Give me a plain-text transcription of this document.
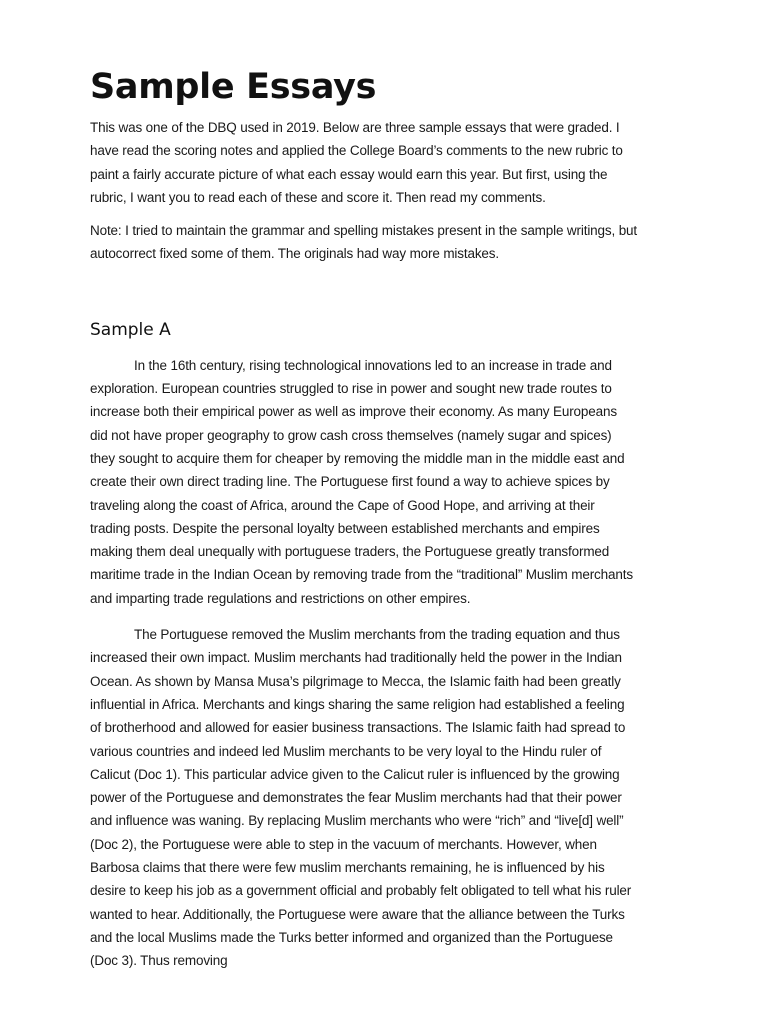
Sample Essays

This was one of the DBQ used in 2019. Below are three sample essays that were graded. I have read the scoring notes and applied the College Board’s comments to the new rubric to paint a fairly accurate picture of what each essay would earn this year. But first, using the rubric, I want you to read each of these and score it. Then read my comments.

Note: I tried to maintain the grammar and spelling mistakes present in the sample writings, but autocorrect fixed some of them. The originals had way more mistakes.

Sample A

In the 16th century, rising technological innovations led to an increase in trade and exploration. European countries struggled to rise in power and sought new trade routes to increase both their empirical power as well as improve their economy. As many Europeans did not have proper geography to grow cash cross themselves (namely sugar and spices) they sought to acquire them for cheaper by removing the middle man in the middle east and create their own direct trading line. The Portuguese first found a way to achieve spices by traveling along the coast of Africa, around the Cape of Good Hope, and arriving at their trading posts. Despite the personal loyalty between established merchants and empires making them deal unequally with portuguese traders, the Portuguese greatly transformed maritime trade in the Indian Ocean by removing trade from the “traditional” Muslim merchants and imparting trade regulations and restrictions on other empires.

The Portuguese removed the Muslim merchants from the trading equation and thus increased their own impact. Muslim merchants had traditionally held the power in the Indian Ocean. As shown by Mansa Musa’s pilgrimage to Mecca, the Islamic faith had been greatly influential in Africa. Merchants and kings sharing the same religion had established a feeling of brotherhood and allowed for easier business transactions. The Islamic faith had spread to various countries and indeed led Muslim merchants to be very loyal to the Hindu ruler of Calicut (Doc 1). This particular advice given to the Calicut ruler is influenced by the growing power of the Portuguese and demonstrates the fear Muslim merchants had that their power and influence was waning. By replacing Muslim merchants who were “rich” and “live[d] well” (Doc 2), the Portuguese were able to step in the vacuum of merchants. However, when Barbosa claims that there were few muslim merchants remaining, he is influenced by his desire to keep his job as a government official and probably felt obligated to tell what his ruler wanted to hear. Additionally, the Portuguese were aware that the alliance between the Turks and the local Muslims made the Turks better informed and organized than the Portuguese (Doc 3). Thus removing
